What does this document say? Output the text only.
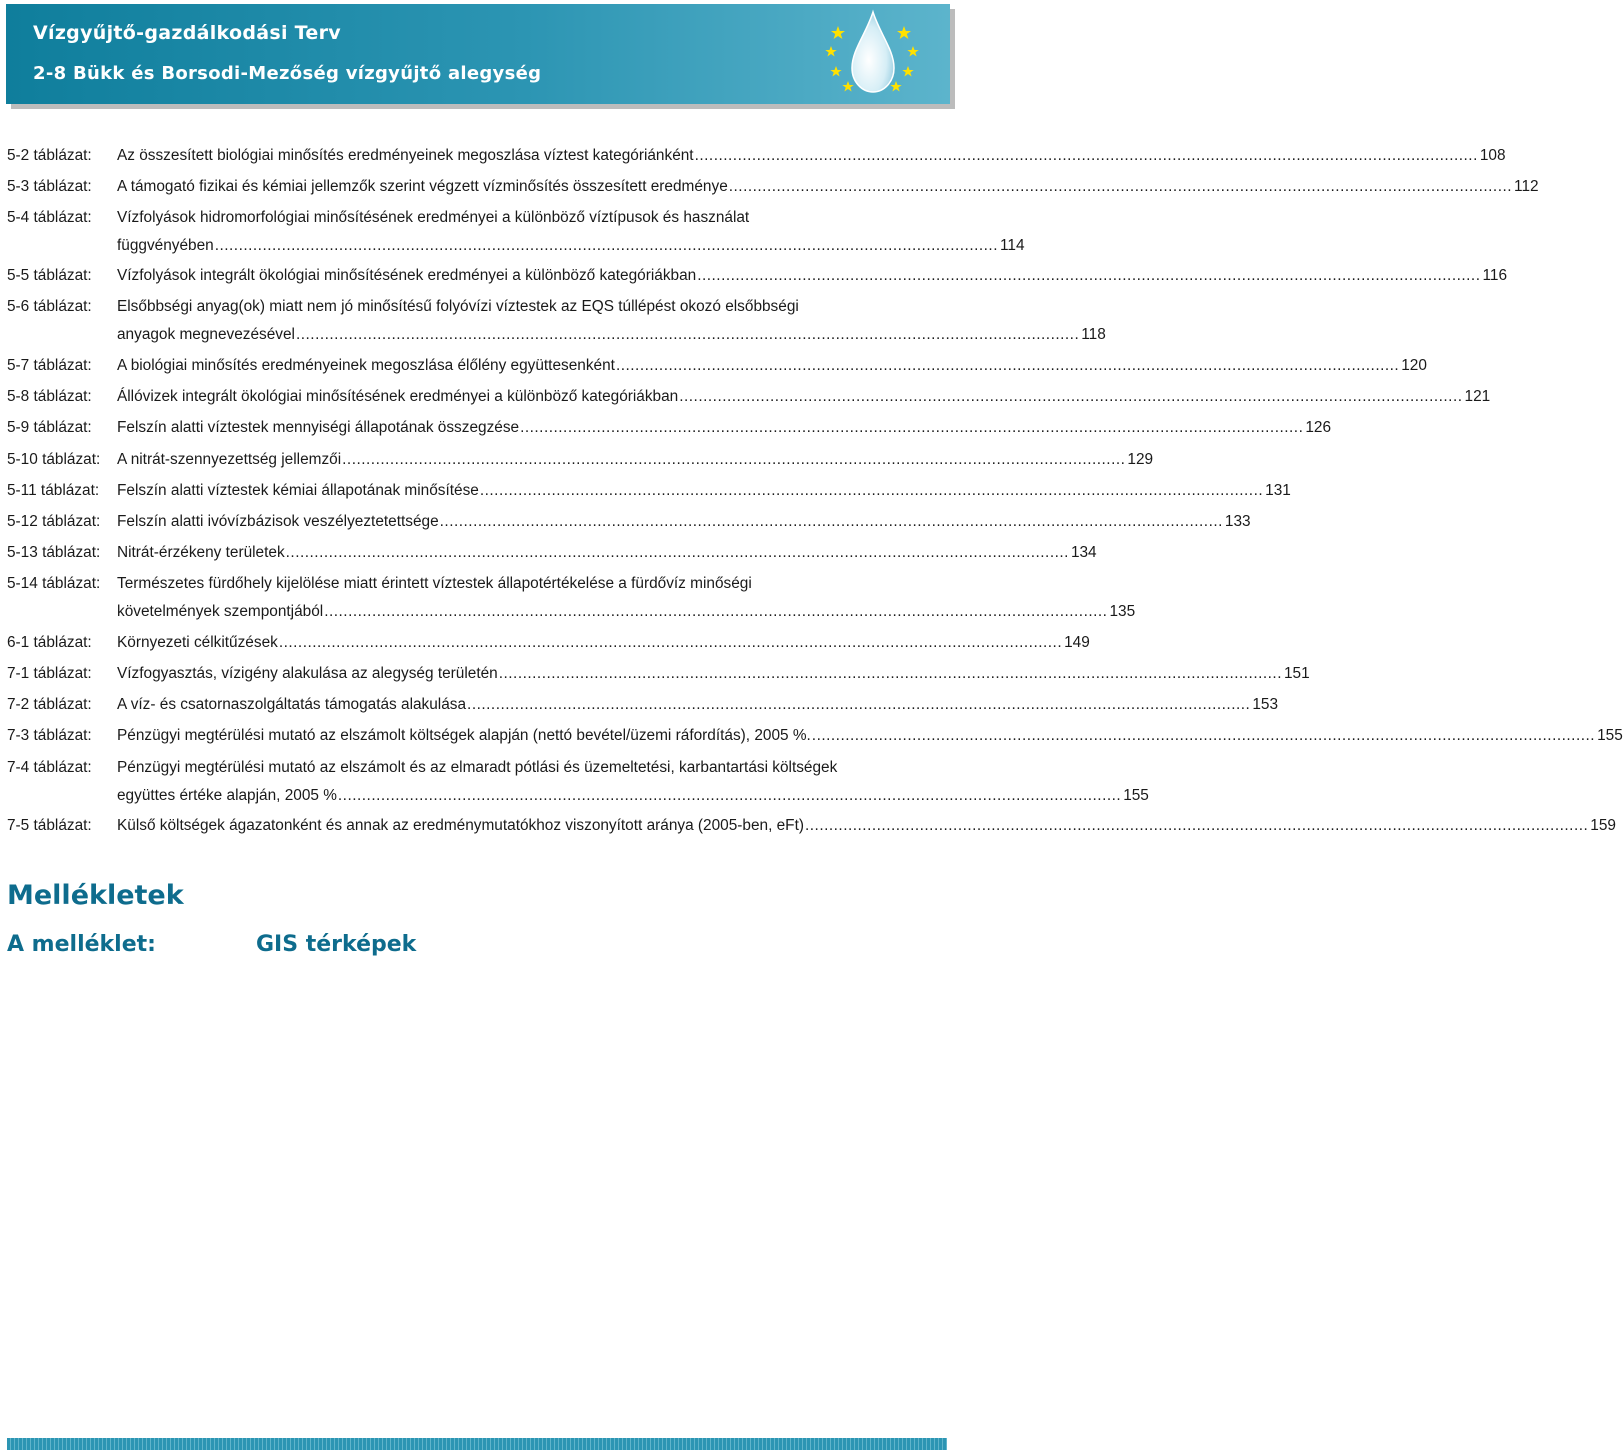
Vízgyűjtő-gazdálkodási Terv
2-8 Bükk és Borsodi-Mezőség vízgyűjtő alegység
5-2 táblázat: Az összesített biológiai minősítés eredményeinek megoszlása víztest kategóriánként .................................................................................................................................................................... 108
5-3 táblázat: A támogató fizikai és kémiai jellemzők szerint végzett vízminősítés összesített eredménye .................................................................................................................................................................... 112
5-4 táblázat: Vízfolyások hidromorfológiai minősítésének eredményei a különböző víztípusok és használat
függvényében .................................................................................................................................................................... 114
5-5 táblázat: Vízfolyások integrált ökológiai minősítésének eredményei a különböző kategóriákban .................................................................................................................................................................... 116
5-6 táblázat: Elsőbbségi anyag(ok) miatt nem jó minősítésű folyóvízi víztestek az EQS túllépést okozó elsőbbségi
anyagok megnevezésével .................................................................................................................................................................... 118
5-7 táblázat: A biológiai minősítés eredményeinek megoszlása élőlény együttesenként .................................................................................................................................................................... 120
5-8 táblázat: Állóvizek integrált ökológiai minősítésének eredményei a különböző kategóriákban .................................................................................................................................................................... 121
5-9 táblázat: Felszín alatti víztestek mennyiségi állapotának összegzése .................................................................................................................................................................... 126
5-10 táblázat: A nitrát-szennyezettség jellemzői .................................................................................................................................................................... 129
5-11 táblázat: Felszín alatti víztestek kémiai állapotának minősítése .................................................................................................................................................................... 131
5-12 táblázat: Felszín alatti ivóvízbázisok veszélyeztetettsége .................................................................................................................................................................... 133
5-13 táblázat: Nitrát-érzékeny területek .................................................................................................................................................................... 134
5-14 táblázat: Természetes fürdőhely kijelölése miatt érintett víztestek állapotértékelése a fürdővíz minőségi
követelmények szempontjából .................................................................................................................................................................... 135
6-1 táblázat: Környezeti célkitűzések .................................................................................................................................................................... 149
7-1 táblázat: Vízfogyasztás, vízigény alakulása az alegység területén .................................................................................................................................................................... 151
7-2 táblázat: A víz- és csatornaszolgáltatás támogatás alakulása .................................................................................................................................................................... 153
7-3 táblázat: Pénzügyi megtérülési mutató az elszámolt költségek alapján (nettó bevétel/üzemi ráfordítás), 2005 %. .................................................................................................................................................................... 155
7-4 táblázat: Pénzügyi megtérülési mutató az elszámolt és az elmaradt pótlási és üzemeltetési, karbantartási költségek
együttes értéke alapján, 2005 % .................................................................................................................................................................... 155
7-5 táblázat: Külső költségek ágazatonként és annak az eredménymutatókhoz viszonyított aránya (2005-ben, eFt) .................................................................................................................................................................... 159
Mellékletek
A melléklet:	GIS térképek
